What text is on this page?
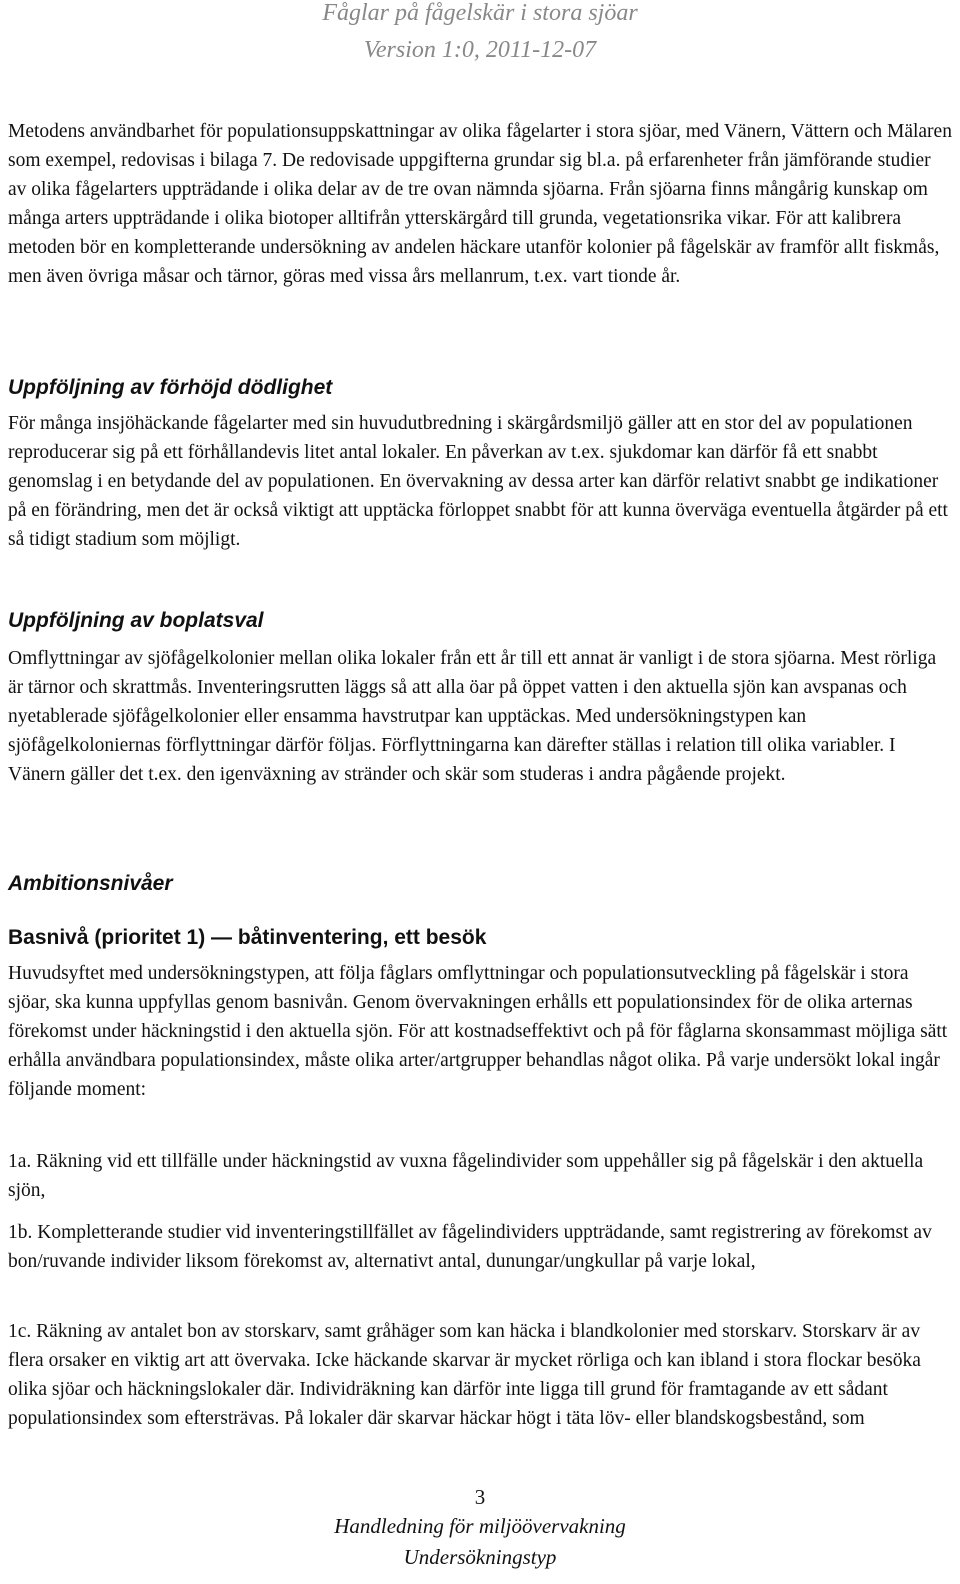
Fåglar på fågelskär i stora sjöar
Version 1:0, 2011-12-07

Metodens användbarhet för populationsuppskattningar av olika fågelarter i stora sjöar, med Vänern, Vättern och Mälaren som exempel, redovisas i bilaga 7. De redovisade uppgifterna grundar sig bl.a. på erfarenheter från jämförande studier av olika fågelarters uppträdande i olika delar av de tre ovan nämnda sjöarna. Från sjöarna finns mångårig kunskap om många arters uppträdande i olika biotoper alltifrån ytterskärgård till grunda, vegetationsrika vikar. För att kalibrera metoden bör en kompletterande undersökning av andelen häckare utanför kolonier på fågelskär av framför allt fiskmås, men även övriga måsar och tärnor, göras med vissa års mellanrum, t.ex. vart tionde år.

Uppföljning av förhöjd dödlighet

För många insjöhäckande fågelarter med sin huvudutbredning i skärgårdsmiljö gäller att en stor del av populationen reproducerar sig på ett förhållandevis litet antal lokaler. En påverkan av t.ex. sjukdomar kan därför få ett snabbt genomslag i en betydande del av populationen. En övervakning av dessa arter kan därför relativt snabbt ge indikationer på en förändring, men det är också viktigt att upptäcka förloppet snabbt för att kunna överväga eventuella åtgärder på ett så tidigt stadium som möjligt.

Uppföljning av boplatsval

Omflyttningar av sjöfågelkolonier mellan olika lokaler från ett år till ett annat är vanligt i de stora sjöarna. Mest rörliga är tärnor och skrattmås. Inventeringsrutten läggs så att alla öar på öppet vatten i den aktuella sjön kan avspanas och nyetablerade sjöfågelkolonier eller ensamma havstrutpar kan upptäckas. Med undersökningstypen kan sjöfågelkoloniernas förflyttningar därför följas. Förflyttningarna kan därefter ställas i relation till olika variabler. I Vänern gäller det t.ex. den igenväxning av stränder och skär som studeras i andra pågående projekt.

Ambitionsnivåer
Basnivå (prioritet 1) — båtinventering, ett besök

Huvudsyftet med undersökningstypen, att följa fåglars omflyttningar och populationsutveckling på fågelskär i stora sjöar, ska kunna uppfyllas genom basnivån. Genom övervakningen erhålls ett populationsindex för de olika arternas förekomst under häckningstid i den aktuella sjön. För att kostnadseffektivt och på för fåglarna skonsammast möjliga sätt erhålla användbara populationsindex, måste olika arter/artgrupper behandlas något olika. På varje undersökt lokal ingår följande moment:

1a. Räkning vid ett tillfälle under häckningstid av vuxna fågelindivider som uppehåller sig på fågelskär i den aktuella sjön,

1b. Kompletterande studier vid inventeringstillfället av fågelindividers uppträdande, samt registrering av förekomst av bon/ruvande individer liksom förekomst av, alternativt antal, dunungar/ungkullar på varje lokal,

1c. Räkning av antalet bon av storskarv, samt gråhäger som kan häcka i blandkolonier med storskarv. Storskarv är av flera orsaker en viktig art att övervaka. Icke häckande skarvar är mycket rörliga och kan ibland i stora flockar besöka olika sjöar och häckningslokaler där. Individräkning kan därför inte ligga till grund för framtagande av ett sådant populationsindex som eftersträvas. På lokaler där skarvar häckar högt i täta löv- eller blandskogsbestånd, som

3
Handledning för miljöövervakning
Undersökningstyp
